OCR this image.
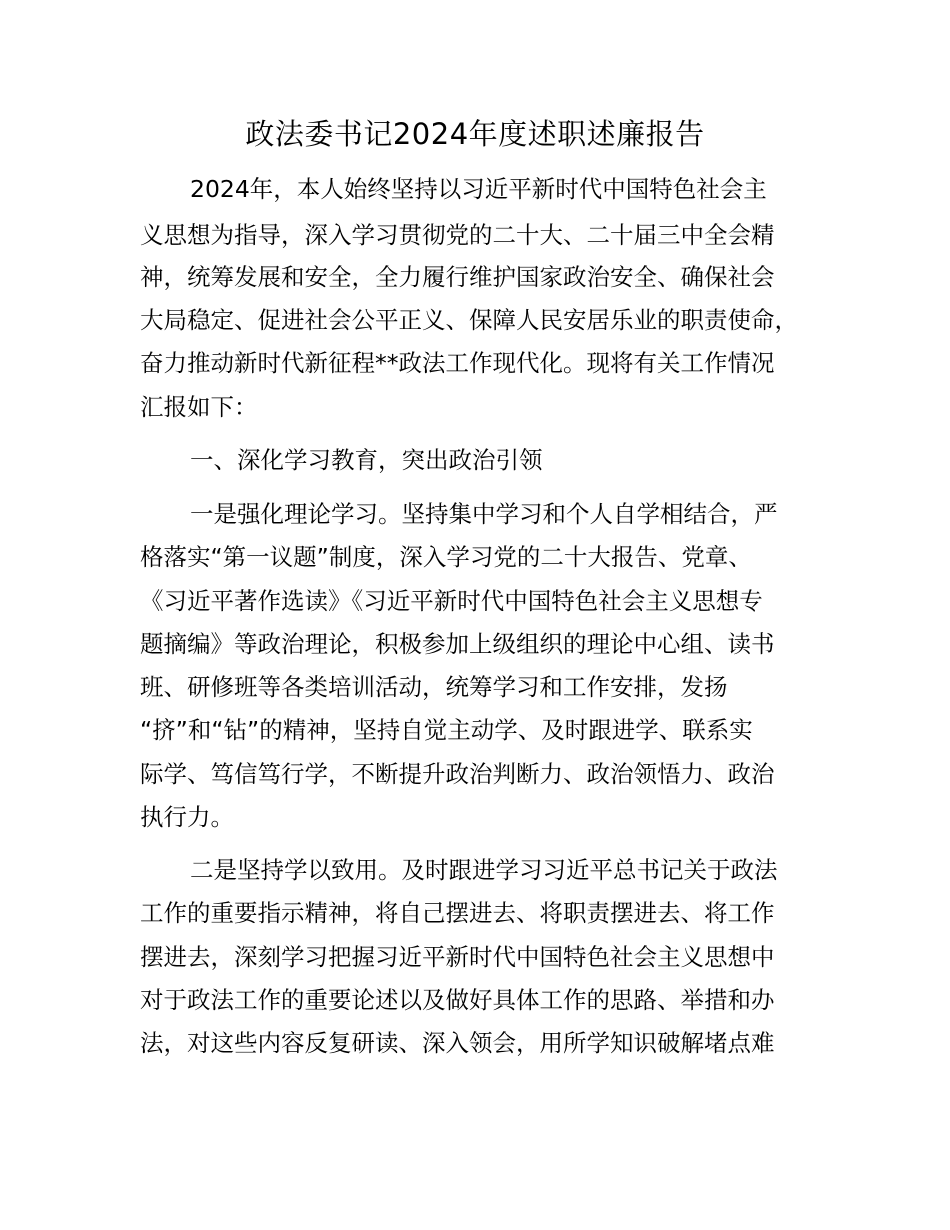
政法委书记2024年度述职述廉报告
2024年，本人始终坚持以习近平新时代中国特色社会主
义思想为指导，深入学习贯彻党的二十大、二十届三中全会精
神，统筹发展和安全，全力履行维护国家政治安全、确保社会
大局稳定、促进社会公平正义、保障人民安居乐业的职责使命，
奋力推动新时代新征程**政法工作现代化。现将有关工作情况
汇报如下：
一、深化学习教育，突出政治引领
一是强化理论学习。坚持集中学习和个人自学相结合，严
格落实“第一议题”制度，深入学习党的二十大报告、党章、
《习近平著作选读》《习近平新时代中国特色社会主义思想专
题摘编》等政治理论，积极参加上级组织的理论中心组、读书
班、研修班等各类培训活动，统筹学习和工作安排，发扬
“挤”和“钻”的精神，坚持自觉主动学、及时跟进学、联系实
际学、笃信笃行学，不断提升政治判断力、政治领悟力、政治
执行力。
二是坚持学以致用。及时跟进学习习近平总书记关于政法
工作的重要指示精神，将自己摆进去、将职责摆进去、将工作
摆进去，深刻学习把握习近平新时代中国特色社会主义思想中
对于政法工作的重要论述以及做好具体工作的思路、举措和办
法，对这些内容反复研读、深入领会，用所学知识破解堵点难
